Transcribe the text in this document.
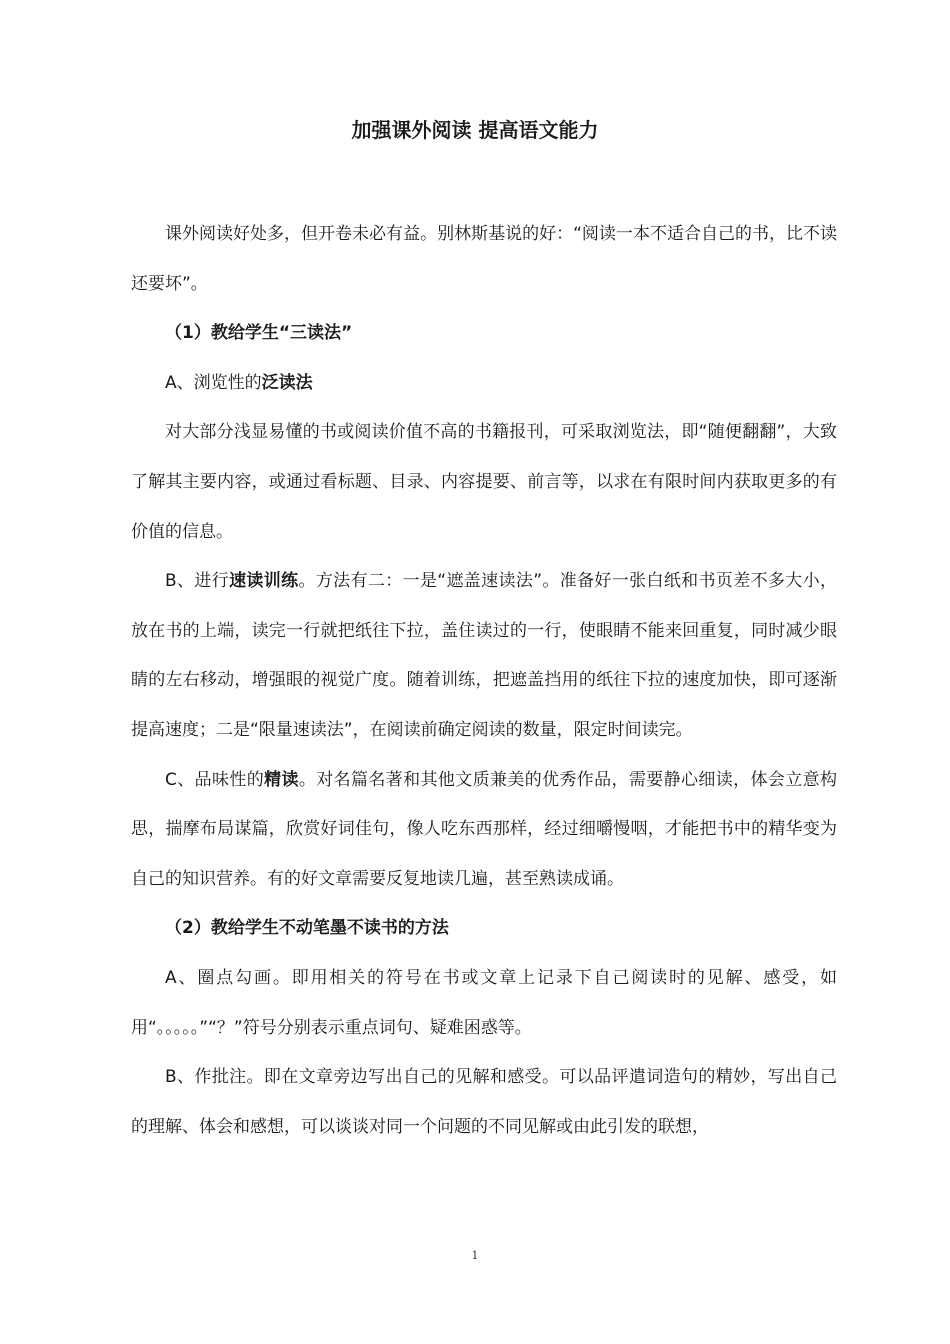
加强课外阅读 提高语文能力

课外阅读好处多，但开卷未必有益。别林斯基说的好：“阅读一本不适合自己的书，比不读还要坏”。

（1）教给学生“三读法”

A、浏览性的泛读法

对大部分浅显易懂的书或阅读价值不高的书籍报刊，可采取浏览法，即“随便翻翻”，大致了解其主要内容，或通过看标题、目录、内容提要、前言等，以求在有限时间内获取更多的有价值的信息。

B、进行速读训练。方法有二：一是“遮盖速读法”。准备好一张白纸和书页差不多大小，放在书的上端，读完一行就把纸往下拉，盖住读过的一行，使眼睛不能来回重复，同时减少眼睛的左右移动，增强眼的视觉广度。随着训练，把遮盖挡用的纸往下拉的速度加快，即可逐渐提高速度；二是“限量速读法”，在阅读前确定阅读的数量，限定时间读完。

C、品味性的精读。对名篇名著和其他文质兼美的优秀作品，需要静心细读，体会立意构思，揣摩布局谋篇，欣赏好词佳句，像人吃东西那样，经过细嚼慢咽，才能把书中的精华变为自己的知识营养。有的好文章需要反复地读几遍，甚至熟读成诵。

（2）教给学生不动笔墨不读书的方法

A、圈点勾画。即用相关的符号在书或文章上记录下自己阅读时的见解、感受，如用“。。。。。”“？”符号分别表示重点词句、疑难困惑等。

B、作批注。即在文章旁边写出自己的见解和感受。可以品评遣词造句的精妙，写出自己的理解、体会和感想，可以谈谈对同一个问题的不同见解或由此引发的联想，

1
